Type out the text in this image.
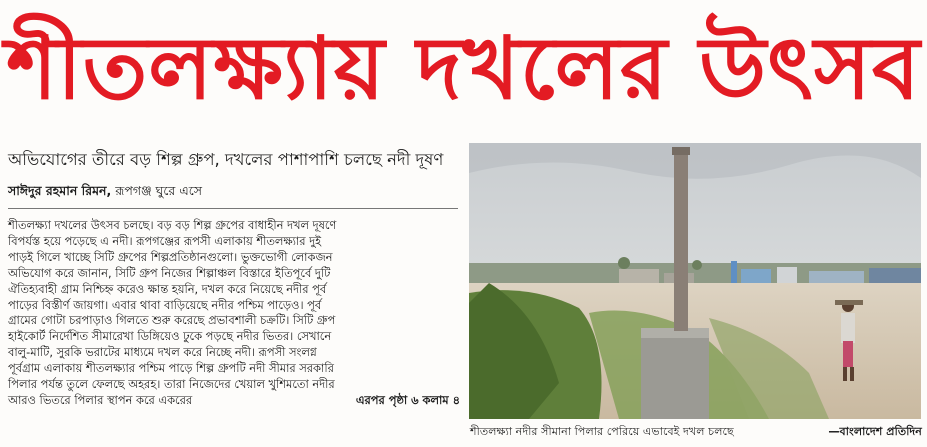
শীতলক্ষ্যায় দখলের উৎসব
অভিযোগের তীরে বড় শিল্প গ্রুপ, দখলের পাশাপাশি চলছে নদী দূষণ
সাঈদুর রহমান রিমন, রূপগঞ্জ ঘুরে এসে

শীতলক্ষ্যা দখলের উৎসব চলছে। বড় বড় শিল্প গ্রুপের বাধাহীন দখল দূষণে

বিপর্যস্ত হয়ে পড়েছে এ নদী। রূপগঞ্জের রূপসী এলাকায় শীতলক্ষ্যার দুই

পাড়ই গিলে খাচ্ছে সিটি গ্রুপের শিল্পপ্রতিষ্ঠানগুলো। ভুক্তভোগী লোকজন

অভিযোগ করে জানান, সিটি গ্রুপ নিজের শিল্পাঞ্চল বিস্তারে ইতিপূর্বে দুটি

ঐতিহ্যবাহী গ্রাম নিশ্চিহ্ন করেও ক্ষান্ত হয়নি, দখল করে নিয়েছে নদীর পূর্ব

পাড়ের বিস্তীর্ণ জায়গা। এবার থাবা বাড়িয়েছে নদীর পশ্চিম পাড়েও। পূর্ব

গ্রামের গোটা চরপাড়াও গিলতে শুরু করেছে প্রভাবশালী চক্রটি। সিটি গ্রুপ

হাইকোর্ট নির্দেশিত সীমারেখা ডিঙ্গিয়েও ঢুকে পড়ছে নদীর ভিতর। সেখানে

বালু-মাটি, সুরকি ভরাটের মাধ্যমে দখল করে নিচ্ছে নদী। রূপসী সংলগ্ন

পূর্বগ্রাম এলাকায় শীতলক্ষ্যার পশ্চিম পাড়ে শিল্প গ্রুপটি নদী সীমার সরকারি

পিলার পর্যন্ত তুলে ফেলছে অহরহ। তারা নিজেদের খেয়াল খুশিমতো নদীর

আরও ভিতরে পিলার স্থাপন করে একরের	এরপর পৃষ্ঠা ৬ কলাম ৪
শীতলক্ষ্যা নদীর সীমানা পিলার পেরিয়ে এভাবেই দখল চলছে	—বাংলাদেশ প্রতিদিন
